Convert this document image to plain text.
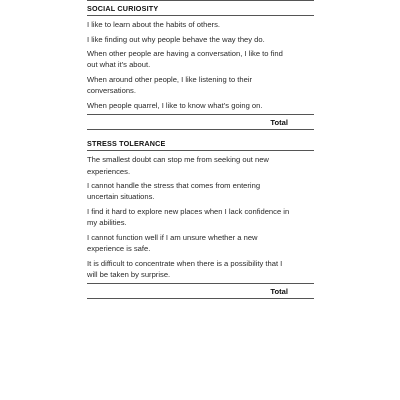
SOCIAL CURIOSITY
I like to learn about the habits of others.
I like finding out why people behave the way they do.
When other people are having a conversation, I like to find out what it’s about.
When around other people, I like listening to their conversations.
When people quarrel, I like to know what’s going on.
Total
STRESS TOLERANCE
The smallest doubt can stop me from seeking out new experiences.
I cannot handle the stress that comes from entering uncertain situations.
I find it hard to explore new places when I lack confidence in my abilities.
I cannot function well if I am unsure whether a new experience is safe.
It is difficult to concentrate when there is a possibility that I will be taken by surprise.
Total
